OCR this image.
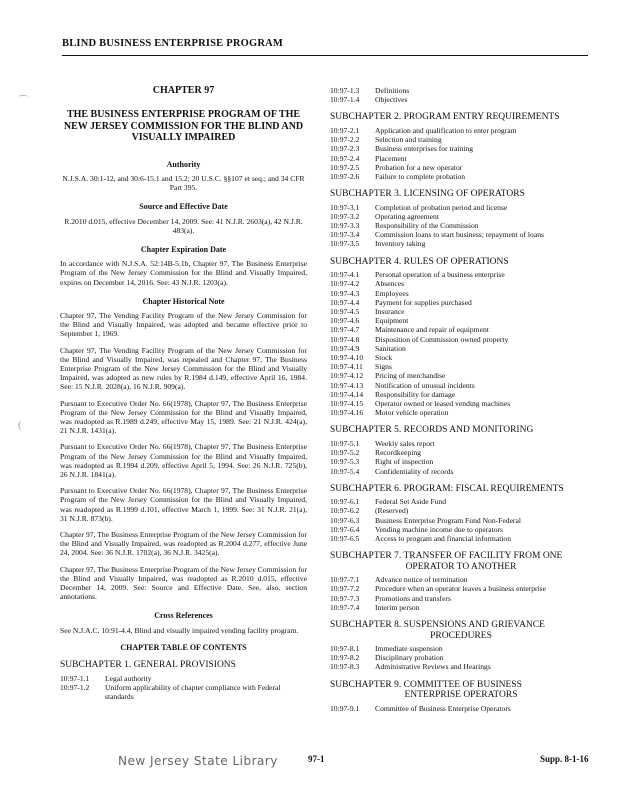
BLIND BUSINESS ENTERPRISE PROGRAM
⌒
(
CHAPTER 97
THE BUSINESS ENTERPRISE PROGRAM OF THE NEW JERSEY COMMISSION FOR THE BLIND AND VISUALLY IMPAIRED
Authority

N.J.S.A. 30:1-12, and 30:6-15.1 and 15.2; 20 U.S.C. §§107 et seq.; and 34 CFR Part 395.

Source and Effective Date

R.2010 d.015, effective December 14, 2009. See: 41 N.J.R. 2603(a), 42 N.J.R. 483(a).

Chapter Expiration Date

In accordance with N.J.S.A. 52:14B-5.1b, Chapter 97, The Business Enterprise Program of the New Jersey Commission for the Blind and Visually Impaired, expires on December 14, 2016. See: 43 N.J.R. 1203(a).

Chapter Historical Note

Chapter 97, The Vending Facility Program of the New Jersey Commission for the Blind and Visually Impaired, was adopted and became effective prior to September 1, 1969.

Chapter 97, The Vending Facility Program of the New Jersey Commission for the Blind and Visually Impaired, was repealed and Chapter 97, The Business Enterprise Program of the New Jersey Commission for the Blind and Visually Impaired, was adopted as new rules by R.1984 d.149, effective April 16, 1984. See: 15 N.J.R. 2028(a), 16 N.J.R. 909(a).

Pursuant to Executive Order No. 66(1978), Chapter 97, The Business Enterprise Program of the New Jersey Commission for the Blind and Visually Impaired, was readopted as R.1989 d.249, effective May 15, 1989. See: 21 N.J.R. 424(a), 21 N.J.R. 1431(a).

Pursuant to Executive Order No. 66(1978), Chapter 97, The Business Enterprise Program of the New Jersey Commission for the Blind and Visually Impaired, was readopted as R.1994 d.209, effective April 5, 1994. See: 26 N.J.R. 725(b), 26 N.J.R. 1841(a).

Pursuant to Executive Order No. 66(1978), Chapter 97, The Business Enterprise Program of the New Jersey Commission for the Blind and Visually Impaired, was readopted as R.1999 d.101, effective March 1, 1999. See: 31 N.J.R. 21(a), 31 N.J.R. 873(b).

Chapter 97, The Business Enterprise Program of the New Jersey Commission for the Blind and Visually Impaired, was readopted as R.2004 d.277, effective June 24, 2004. See: 36 N.J.R. 1702(a), 36 N.J.R. 3425(a).

Chapter 97, The Business Enterprise Program of the New Jersey Commission for the Blind and Visually Impaired, was readopted as R.2010 d.015, effective December 14, 2009. See: Source and Effective Date. See, also, section annotations.

Cross References

See N.J.A.C. 10:91-4.4, Blind and visually impaired vending facility program.

CHAPTER TABLE OF CONTENTS
SUBCHAPTER 1. GENERAL PROVISIONS
10:97-1.1	Legal authority
10:97-1.2	Uniform applicability of chapter compliance with Federal standards
10:97-1.3	Definitions
10:97-1.4	Objectives
SUBCHAPTER 2. PROGRAM ENTRY REQUIREMENTS
10:97-2.1	Application and qualification to enter program
10:97-2.2	Selection and training
10:97-2.3	Business enterprises for training
10:97-2.4	Placement
10:97-2.5	Probation for a new operator
10:97-2.6	Failure to complete probation
SUBCHAPTER 3. LICENSING OF OPERATORS
10:97-3.1	Completion of probation period and license
10:97-3.2	Operating agreement
10:97-3.3	Responsibility of the Commission
10:97-3.4	Commission loans to start business; repayment of loans
10:97-3.5	Inventory taking
SUBCHAPTER 4. RULES OF OPERATIONS
10:97-4.1	Personal operation of a business enterprise
10:97-4.2	Absences
10:97-4.3	Employees
10:97-4.4	Payment for supplies purchased
10:97-4.5	Insurance
10:97-4.6	Equipment
10:97-4.7	Maintenance and repair of equipment
10:97-4.8	Disposition of Commission owned property
10:97-4.9	Sanitation
10:97-4.10	Stock
10:97-4.11	Signs
10:97-4.12	Pricing of merchandise
10:97-4.13	Notification of unusual incidents
10:97-4.14	Responsibility for damage
10:97-4.15	Operator owned or leased vending machines
10:97-4.16	Motor vehicle operation
SUBCHAPTER 5. RECORDS AND MONITORING
10:97-5.1	Weekly sales report
10:97-5.2	Recordkeeping
10:97-5.3	Right of inspection
10:97-5.4	Confidentiality of records
SUBCHAPTER 6. PROGRAM: FISCAL REQUIREMENTS
10:97-6.1	Federal Set Aside Fund
10:97-6.2	(Reserved)
10:97-6.3	Business Enterprise Program Fund Non-Federal
10:97-6.4	Vending machine income due to operators
10:97-6.5	Access to program and financial information
SUBCHAPTER 7. TRANSFER OF FACILITY FROM ONE
OPERATOR TO ANOTHER
10:97-7.1	Advance notice of termination
10:97-7.2	Procedure when an operator leaves a business enterprise
10:97-7.3	Promotions and transfers
10:97-7.4	Interim person
SUBCHAPTER 8. SUSPENSIONS AND GRIEVANCE
PROCEDURES
10:97-8.1	Immediate suspension
10:97-8.2	Disciplinary probation
10:97-8.3	Administrative Reviews and Hearings
SUBCHAPTER 9. COMMITTEE OF BUSINESS
ENTERPRISE OPERATORS
10:97-9.1	Committee of Business Enterprise Operators
New Jersey State Library	97-1	Supp. 8-1-16
